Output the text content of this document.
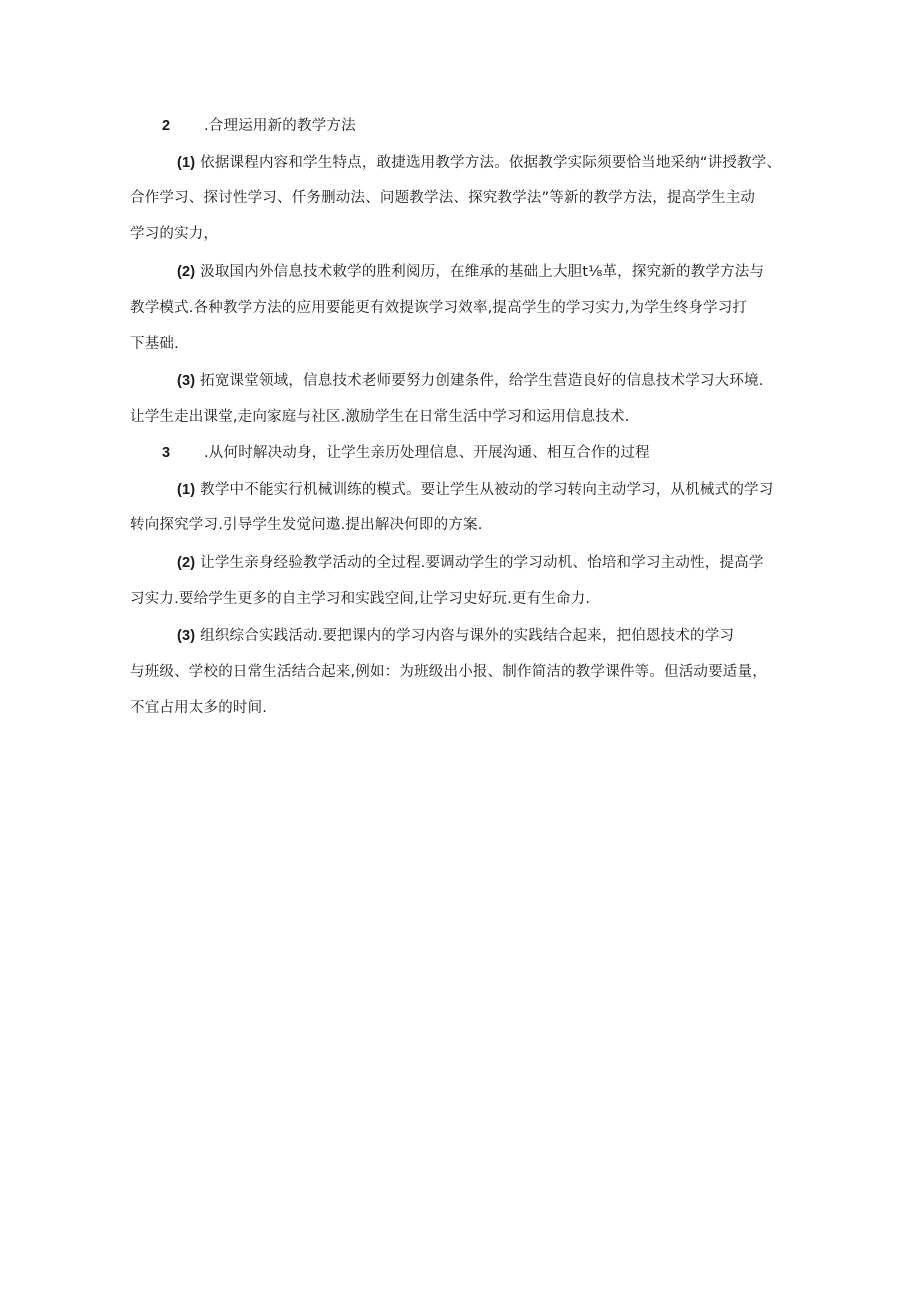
2 .合理运用新的教学方法
(1) 依据课程内容和学生特点，敢捷选用教学方法。依据教学实际须要恰当地采纳“讲授教学、
合作学习、探讨性学习、仟务删动法、问题教学法、探究教学法”等新的教学方法，提高学生主动
学习的实力，
(2) 汲取国内外信息技术敕学的胜利阅历，在维承的基础上大胆t⅛革，探究新的教学方法与
教学模式.各种教学方法的应用要能更有效提诙学习效率,提高学生的学习实力,为学生终身学习打
下基础.
(3) 拓宽课堂领域，信息技术老师要努力创建条件，给学生营造良好的信息技术学习大环境.
让学生走出课堂,走向家庭与社区.激励学生在日常生活中学习和运用信息技术.
3 .从何时解决动身，让学生亲历处理信息、开展沟通、相互合作的过程
(1) 教学中不能实行机械训练的模式。要让学生从被动的学习转向主动学习，从机械式的学习
转向探究学习.引导学生发觉问遨.提出解决何即的方案.
(2) 让学生亲身经验教学活动的全过程.要调动学生的学习动机、怡培和学习主动性，提高学
习实力.要给学生更多的自主学习和实践空间,让学习史好玩.更有生命力.
(3) 组织综合实践活动.要把课内的学习内咨与课外的实践结合起来，把伯恩技术的学习
与班级、学校的日常生活结合起来,例如：为班级出小报、制作简洁的教学课件等。但活动要适量，
不宜占用太多的时间.
